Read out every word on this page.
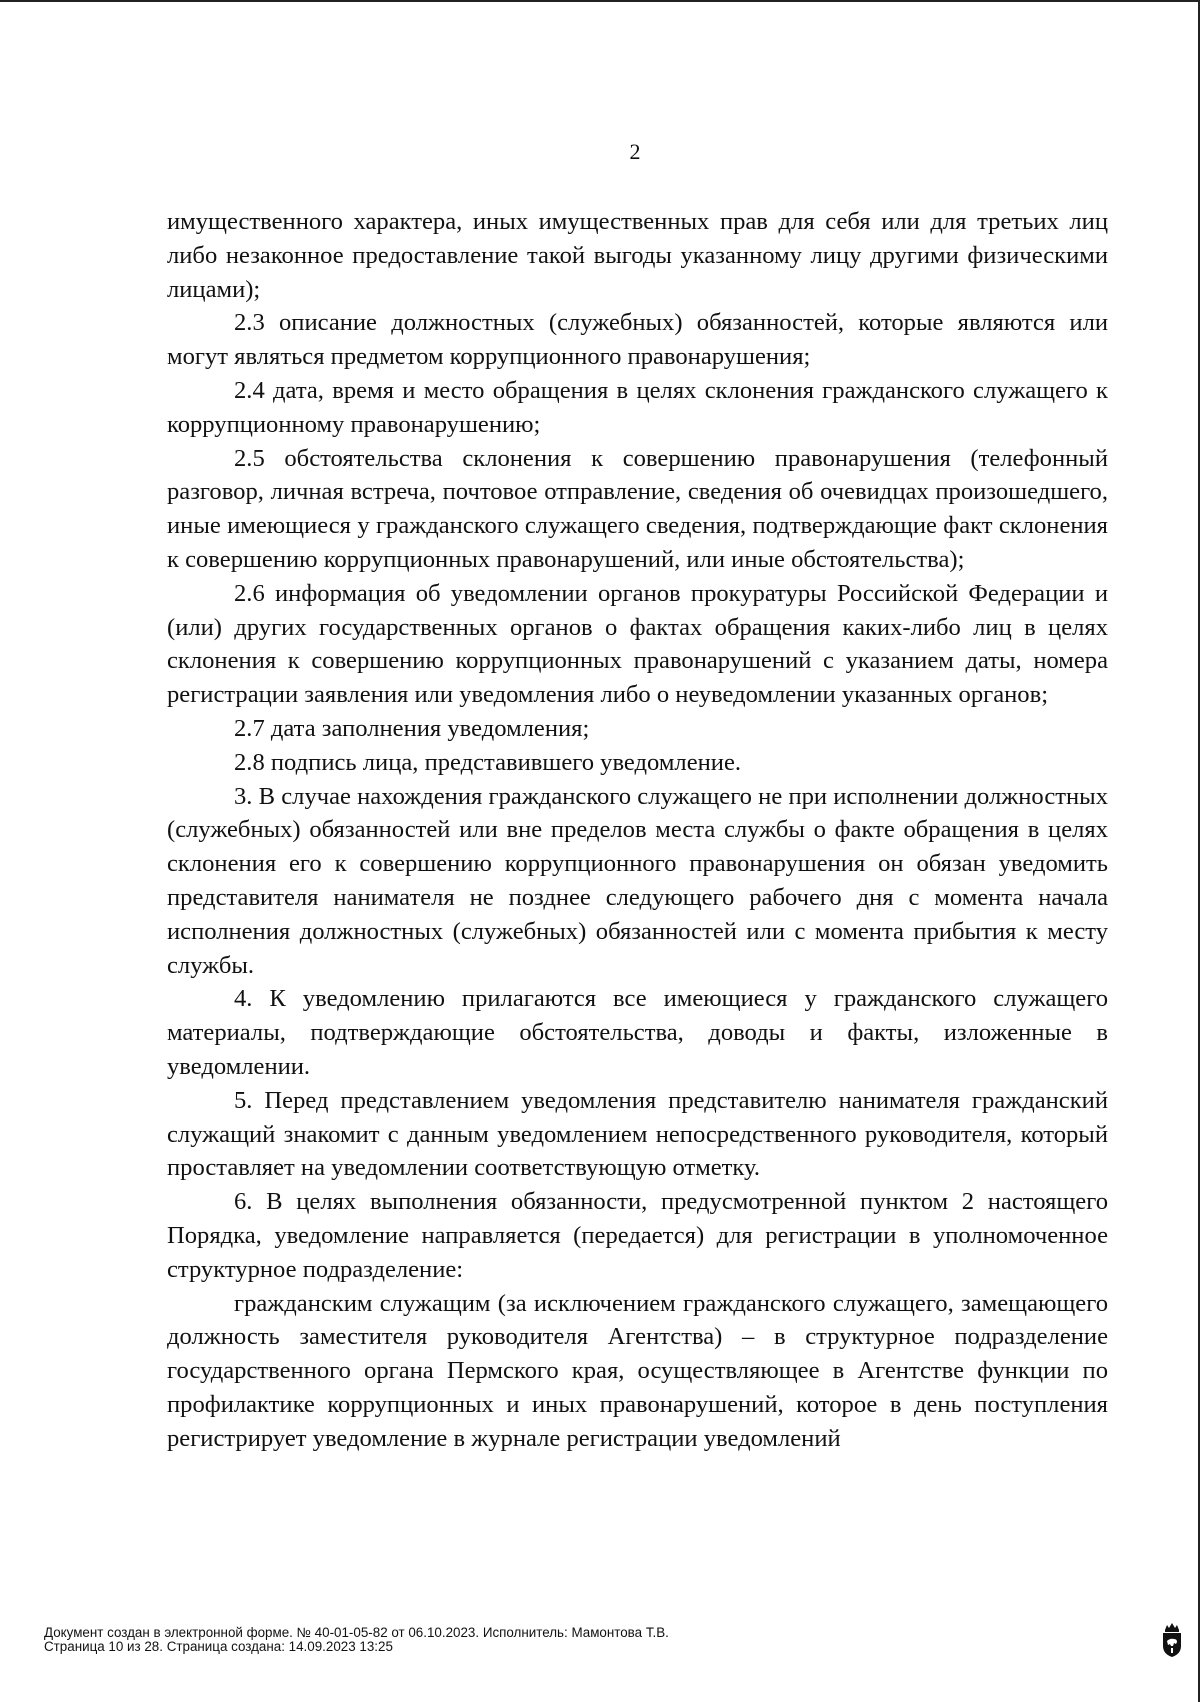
2

имущественного характера, иных имущественных прав для себя или для третьих лиц либо незаконное предоставление такой выгоды указанному лицу другими физическими лицами);

2.3 описание должностных (служебных) обязанностей, которые являются или могут являться предметом коррупционного правонарушения;

2.4 дата, время и место обращения в целях склонения гражданского служащего к коррупционному правонарушению;

2.5 обстоятельства склонения к совершению правонарушения (телефонный разговор, личная встреча, почтовое отправление, сведения об очевидцах произошедшего, иные имеющиеся у гражданского служащего сведения, подтверждающие факт склонения к совершению коррупционных правонарушений, или иные обстоятельства);

2.6 информация об уведомлении органов прокуратуры Российской Федерации и (или) других государственных органов о фактах обращения каких-либо лиц в целях склонения к совершению коррупционных правонарушений с указанием даты, номера регистрации заявления или уведомления либо о неуведомлении указанных органов;

2.7 дата заполнения уведомления;

2.8 подпись лица, представившего уведомление.

3. В случае нахождения гражданского служащего не при исполнении должностных (служебных) обязанностей или вне пределов места службы о факте обращения в целях склонения его к совершению коррупционного правонарушения он обязан уведомить представителя нанимателя не позднее следующего рабочего дня с момента начала исполнения должностных (служебных) обязанностей или с момента прибытия к месту службы.

4. К уведомлению прилагаются все имеющиеся у гражданского служащего материалы, подтверждающие обстоятельства, доводы и факты, изложенные в уведомлении.

5. Перед представлением уведомления представителю нанимателя гражданский служащий знакомит с данным уведомлением непосредственного руководителя, который проставляет на уведомлении соответствующую отметку.

6. В целях выполнения обязанности, предусмотренной пунктом 2 настоящего Порядка, уведомление направляется (передается) для регистрации в уполномоченное структурное подразделение:

гражданским служащим (за исключением гражданского служащего, замещающего должность заместителя руководителя Агентства) – в структурное подразделение государственного органа Пермского края, осуществляющее в Агентстве функции по профилактике коррупционных и иных правонарушений, которое в день поступления регистрирует уведомление в журнале регистрации уведомлений

Документ создан в электронной форме. № 40-01-05-82 от 06.10.2023. Исполнитель: Мамонтова Т.В.
Страница 10 из 28. Страница создана: 14.09.2023 13:25
